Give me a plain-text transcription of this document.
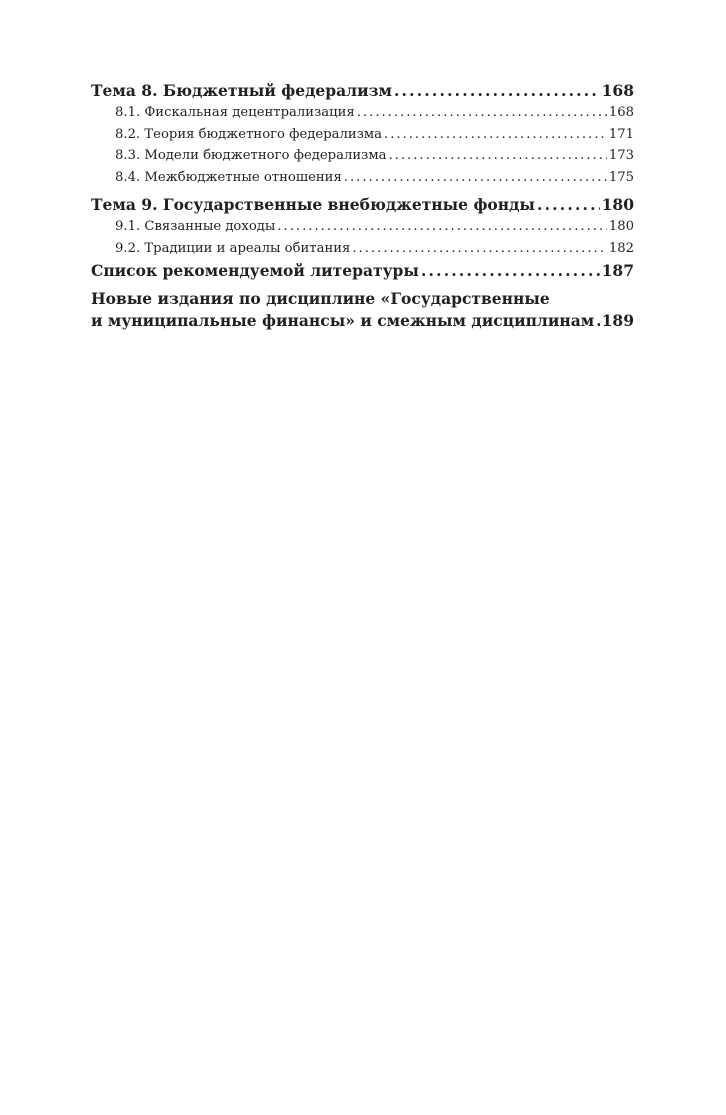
Тема 8. Бюджетный федерализм . . .	168
8.1. Фискальная децентрализация . . .	168
8.2. Теория бюджетного федерализма . . .	171
8.3. Модели бюджетного федерализма . . .	173
8.4. Межбюджетные отношения . . .	175
Тема 9. Государственные внебюджетные фонды . . .	180
9.1. Связанные доходы . . .	180
9.2. Традиции и ареалы обитания . . .	182
Список рекомендуемой литературы . . .	187
Новые издания по дисциплине «Государственные
и муниципальные финансы» и смежным дисциплинам . . . 189
